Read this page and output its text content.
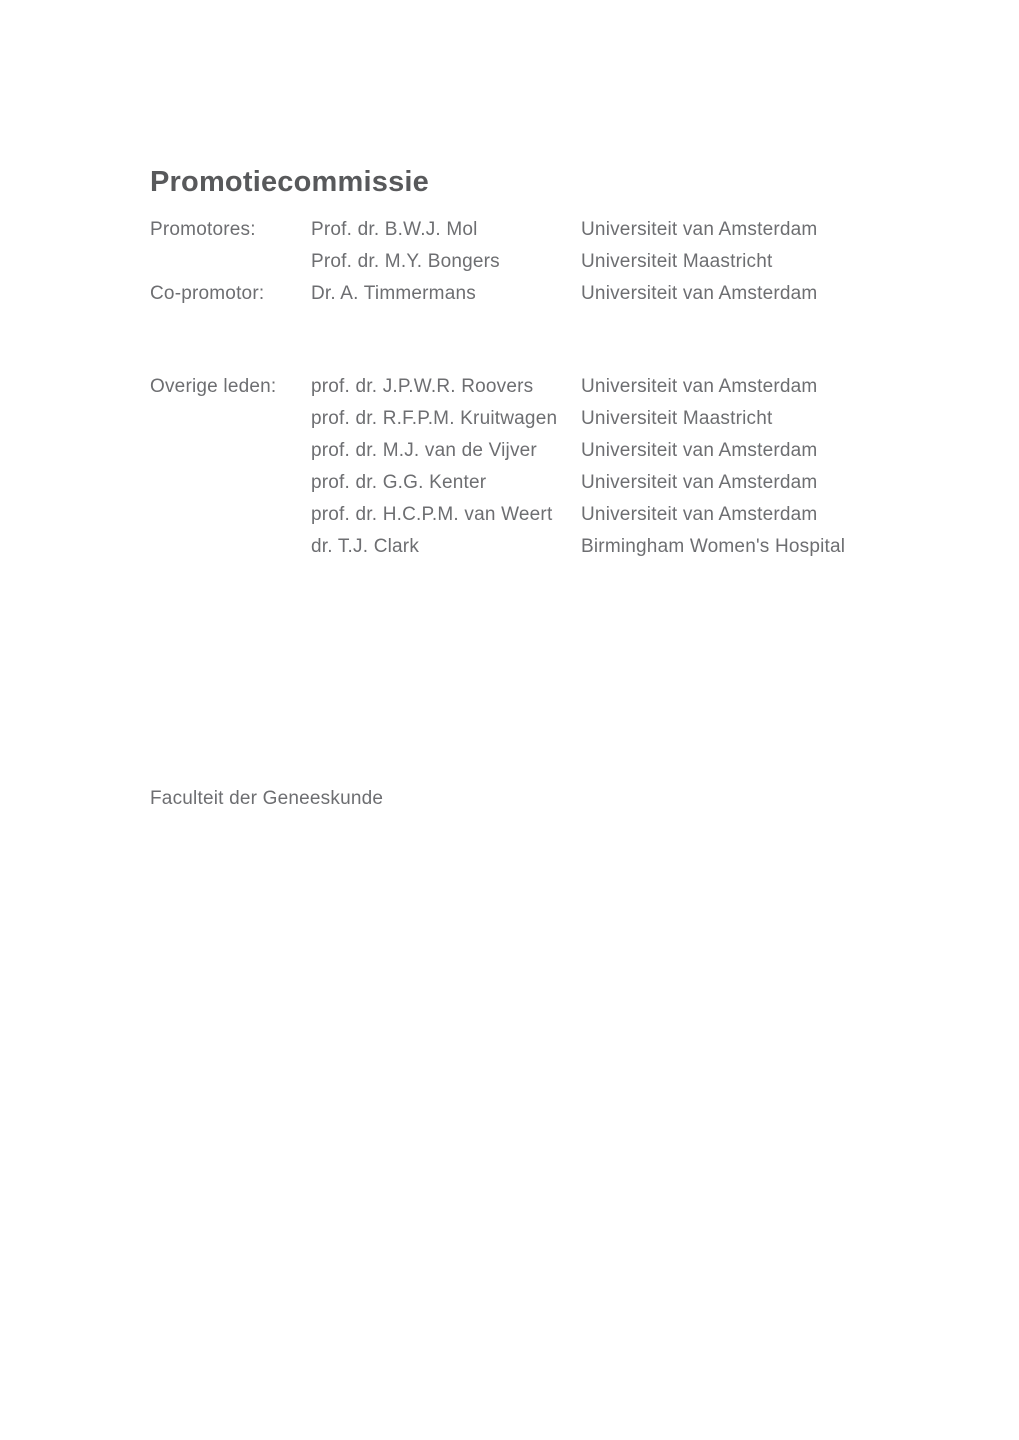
Promotiecommissie
Promotores:	Prof. dr. B.W.J. Mol	Universiteit van Amsterdam
Prof. dr. M.Y. Bongers	Universiteit Maastricht
Co-promotor:	Dr. A. Timmermans	Universiteit van Amsterdam
Overige leden:	prof. dr. J.P.W.R. Roovers	Universiteit van Amsterdam
prof. dr. R.F.P.M. Kruitwagen	Universiteit Maastricht
prof. dr. M.J. van de Vijver	Universiteit van Amsterdam
prof. dr. G.G. Kenter	Universiteit van Amsterdam
prof. dr. H.C.P.M. van Weert	Universiteit van Amsterdam
dr. T.J. Clark	Birmingham Women's Hospital
Faculteit der Geneeskunde
